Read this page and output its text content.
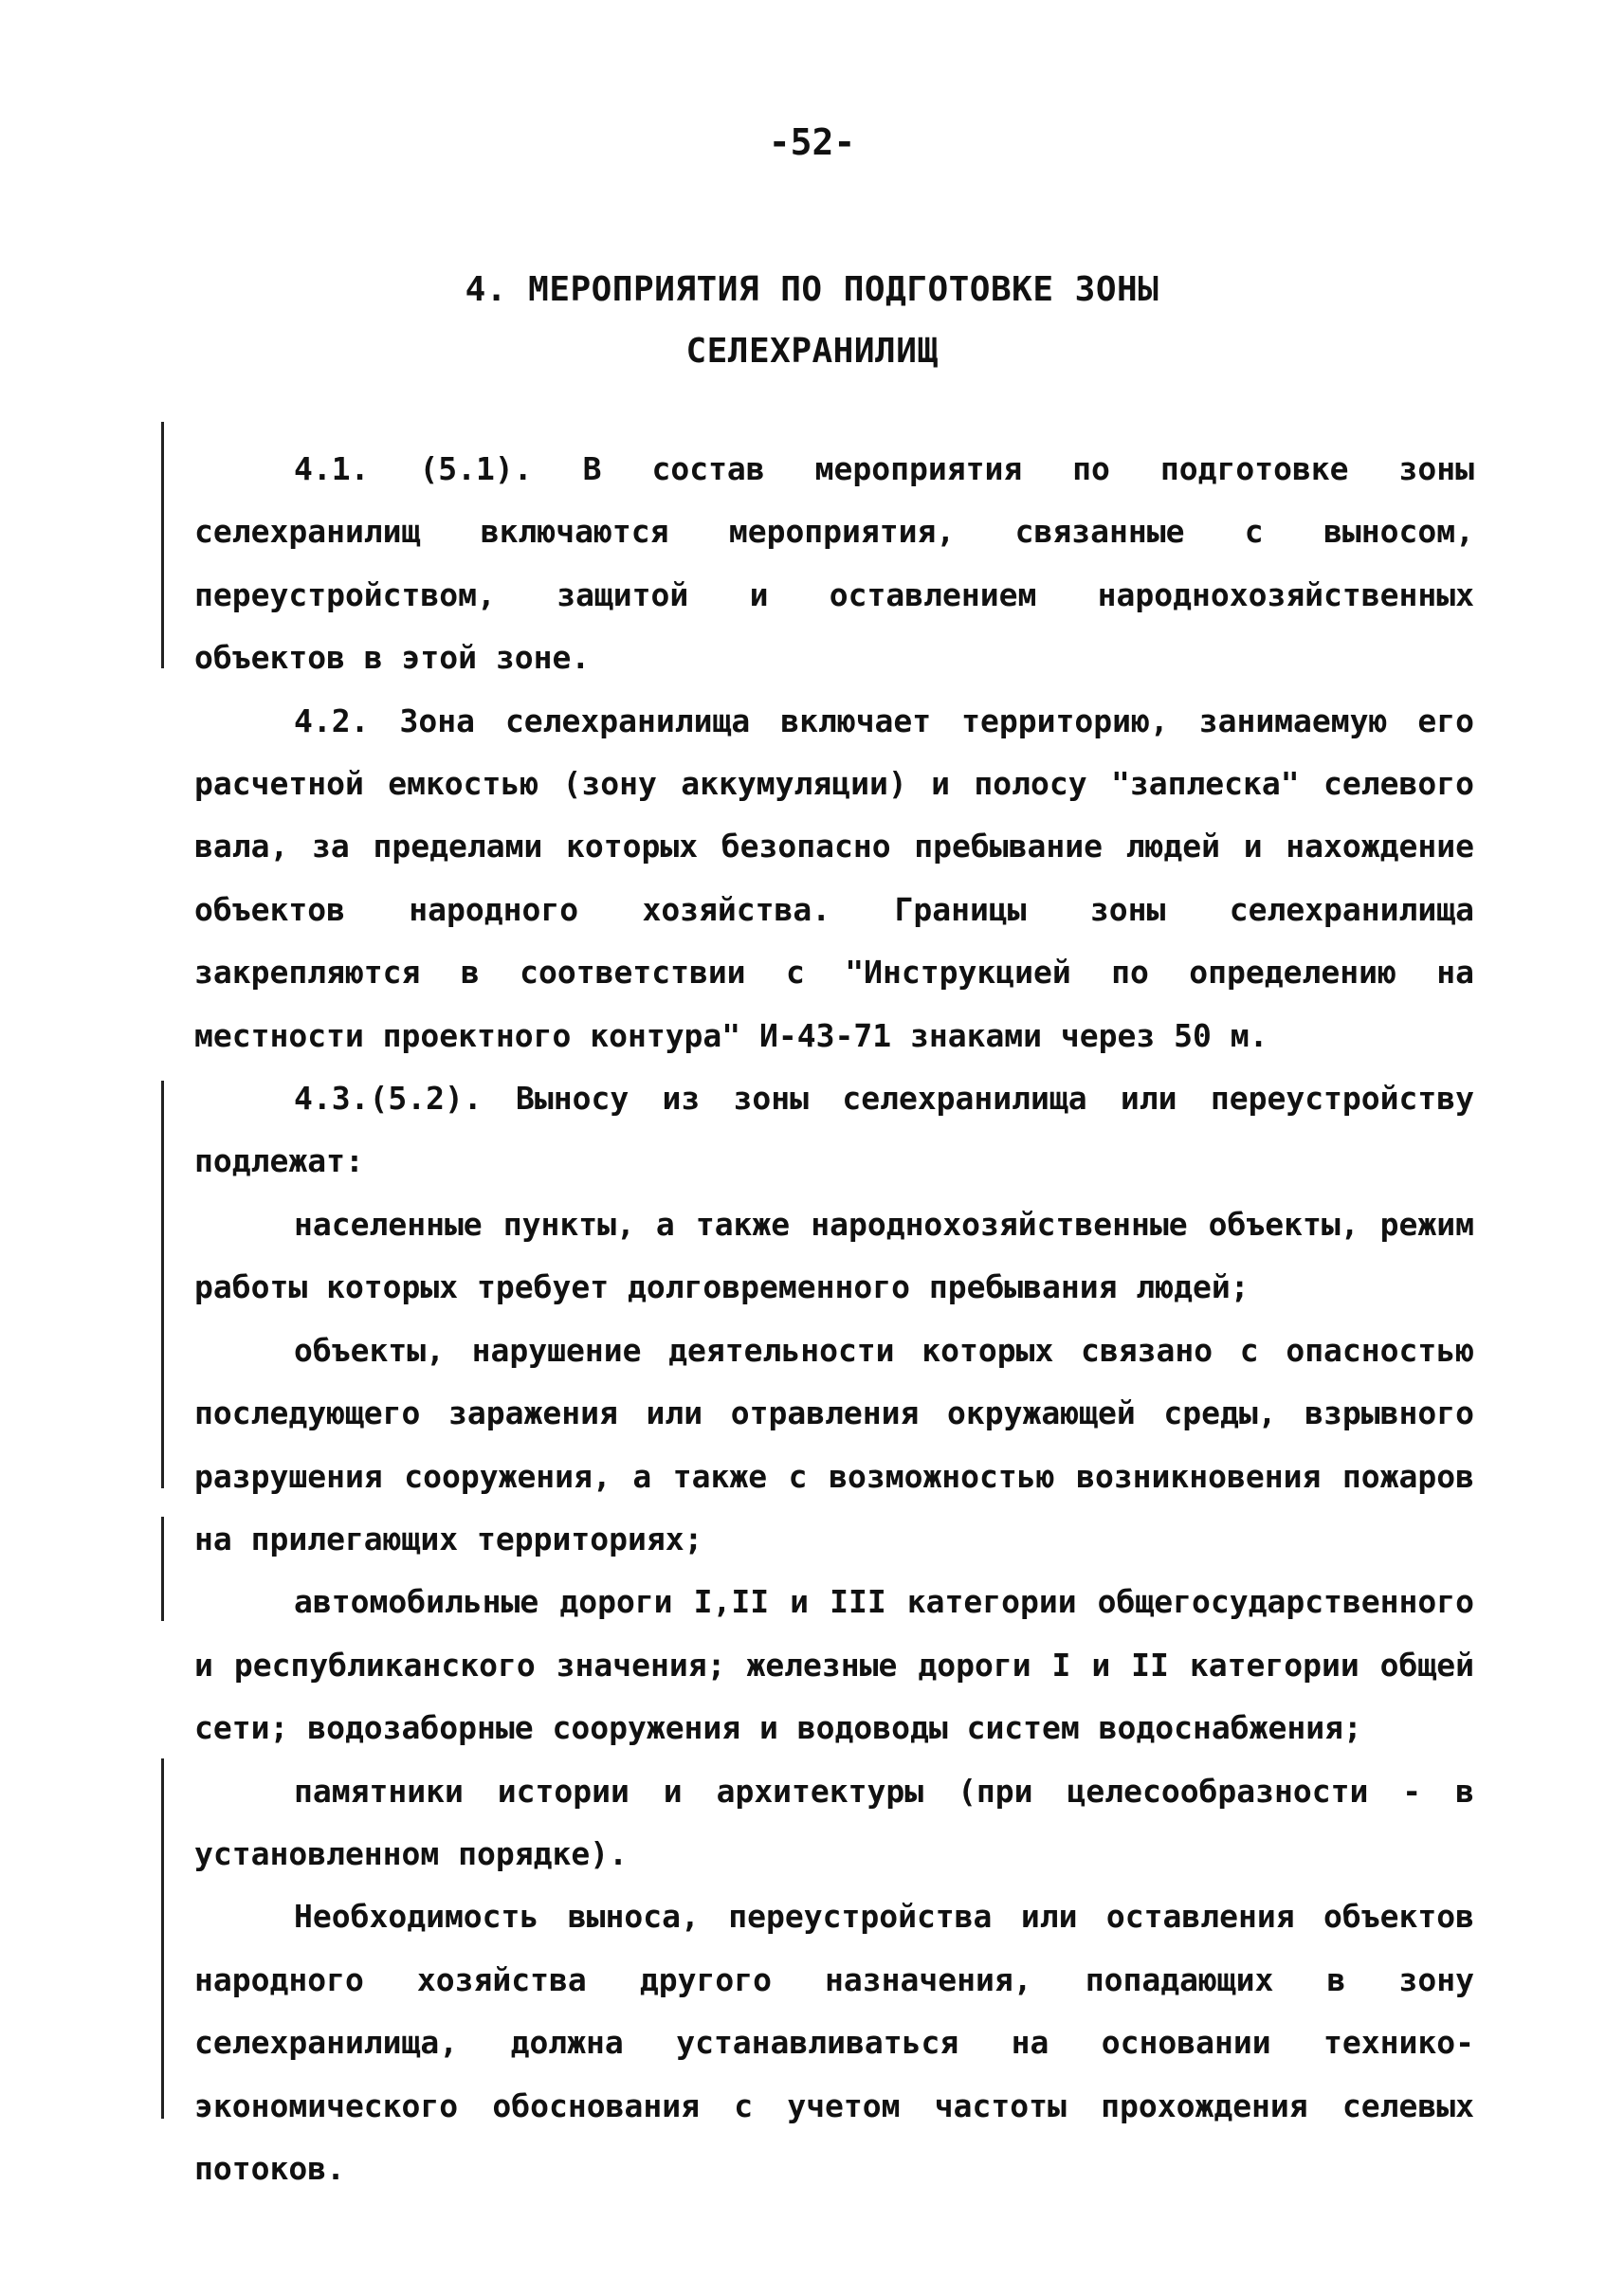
-52-
4. МЕРОПРИЯТИЯ ПО ПОДГОТОВКЕ ЗОНЫ
СЕЛЕХРАНИЛИЩ

4.1. (5.1). В состав мероприятия по подготовке зоны селехранилищ включаются мероприятия, связанные с выносом, переустройством, защитой и оставлением народнохозяйственных объектов в этой зоне.

4.2. Зона селехранилища включает территорию, занимаемую его расчетной емкостью (зону аккумуляции) и полосу "заплеска" селевого вала, за пределами которых безопасно пребывание людей и нахождение объектов народного хозяйства. Границы зоны селехранилища закрепляются в соответствии с "Инструкцией по определению на местности проектного контура" И-43-71 знаками через 50 м.

4.3.(5.2). Выносу из зоны селехранилища или переустройству подлежат:

населенные пункты, а также народнохозяйственные объекты, режим работы которых требует долговременного пребывания людей;

объекты, нарушение деятельности которых связано с опасностью последующего заражения или отравления окружающей среды, взрывного разрушения сооружения, а также с возможностью возникновения пожаров на прилегающих территориях;

автомобильные дороги I,II и III категории общегосударственного и республиканского значения; железные дороги I и II категории общей сети; водозаборные сооружения и водоводы систем водоснабжения;

памятники истории и архитектуры (при целесообразности - в установленном порядке).

Необходимость выноса, переустройства или оставления объектов народного хозяйства другого назначения, попадающих в зону селехранилища, должна устанавливаться на основании технико-экономического обоснования с учетом частоты прохождения селевых потоков.
